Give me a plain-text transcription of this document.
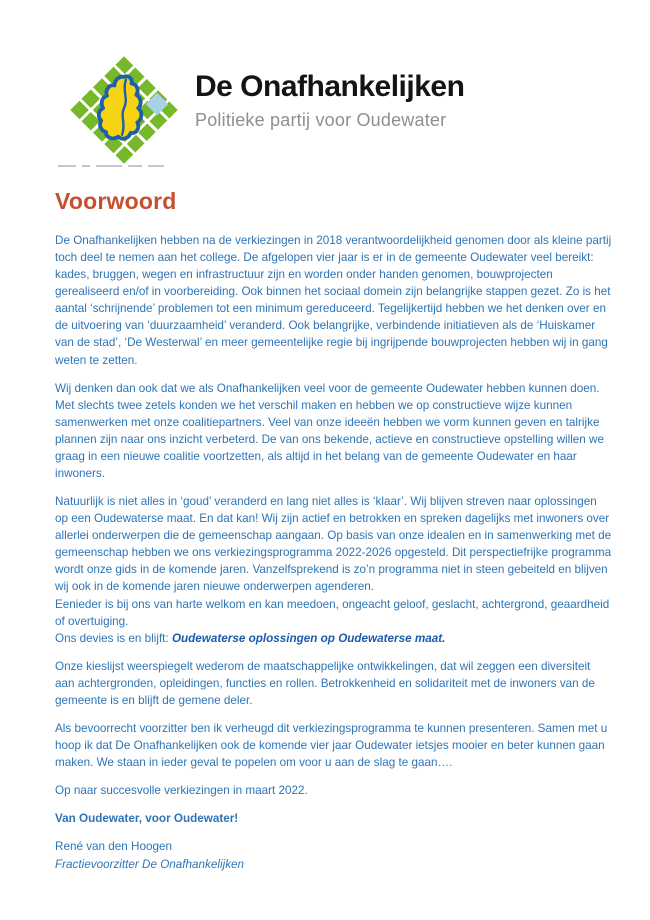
De Onafhankelijken
Politieke partij voor Oudewater
Voorwoord

De Onafhankelijken hebben na de verkiezingen in 2018 verantwoordelijkheid genomen door als kleine partij toch deel te nemen aan het college. De afgelopen vier jaar is er in de gemeente Oudewater veel bereikt: kades, bruggen, wegen en infrastructuur zijn en worden onder handen genomen, bouwprojecten gerealiseerd en/of in voorbereiding. Ook binnen het sociaal domein zijn belangrijke stappen gezet. Zo is het aantal ‘schrijnende’ problemen tot een minimum gereduceerd. Tegelijkertijd hebben we het denken over en de uitvoering van ‘duurzaamheid’ veranderd. Ook belangrijke, verbindende initiatieven als de ‘Huiskamer van de stad’, ‘De Westerwal’ en meer gemeentelijke regie bij ingrijpende bouwprojecten hebben wij in gang weten te zetten.

Wij denken dan ook dat we als Onafhankelijken veel voor de gemeente Oudewater hebben kunnen doen. Met slechts twee zetels konden we het verschil maken en hebben we op constructieve wijze kunnen samenwerken met onze coalitiepartners. Veel van onze ideeën hebben we vorm kunnen geven en talrijke plannen zijn naar ons inzicht verbeterd. De van ons bekende, actieve en constructieve opstelling willen we graag in een nieuwe coalitie voortzetten, als altijd in het belang van de gemeente Oudewater en haar inwoners.

Natuurlijk is niet alles in ‘goud’ veranderd en lang niet alles is ‘klaar’. Wij blijven streven naar oplossingen op een Oudewaterse maat. En dat kan! Wij zijn actief en betrokken en spreken dagelijks met inwoners over allerlei onderwerpen die de gemeenschap aangaan. Op basis van onze idealen en in samenwerking met de gemeenschap hebben we ons verkiezingsprogramma 2022-2026 opgesteld. Dit perspectiefrijke programma wordt onze gids in de komende jaren. Vanzelfsprekend is zo’n programma niet in steen gebeiteld en blijven wij ook in de komende jaren nieuwe onderwerpen agenderen.

Eenieder is bij ons van harte welkom en kan meedoen, ongeacht geloof, geslacht, achtergrond, geaardheid of overtuiging.

Ons devies is en blijft: Oudewaterse oplossingen op Oudewaterse maat.

Onze kieslijst weerspiegelt wederom de maatschappelijke ontwikkelingen, dat wil zeggen een diversiteit aan achtergronden, opleidingen, functies en rollen. Betrokkenheid en solidariteit met de inwoners van de gemeente is en blijft de gemene deler.

Als bevoorrecht voorzitter ben ik verheugd dit verkiezingsprogramma te kunnen presenteren. Samen met u hoop ik dat De Onafhankelijken ook de komende vier jaar Oudewater ietsjes mooier en beter kunnen gaan maken. We staan in ieder geval te popelen om voor u aan de slag te gaan….

Op naar succesvolle verkiezingen in maart 2022.

Van Oudewater, voor Oudewater!

René van den Hoogen
Fractievoorzitter De Onafhankelijken
